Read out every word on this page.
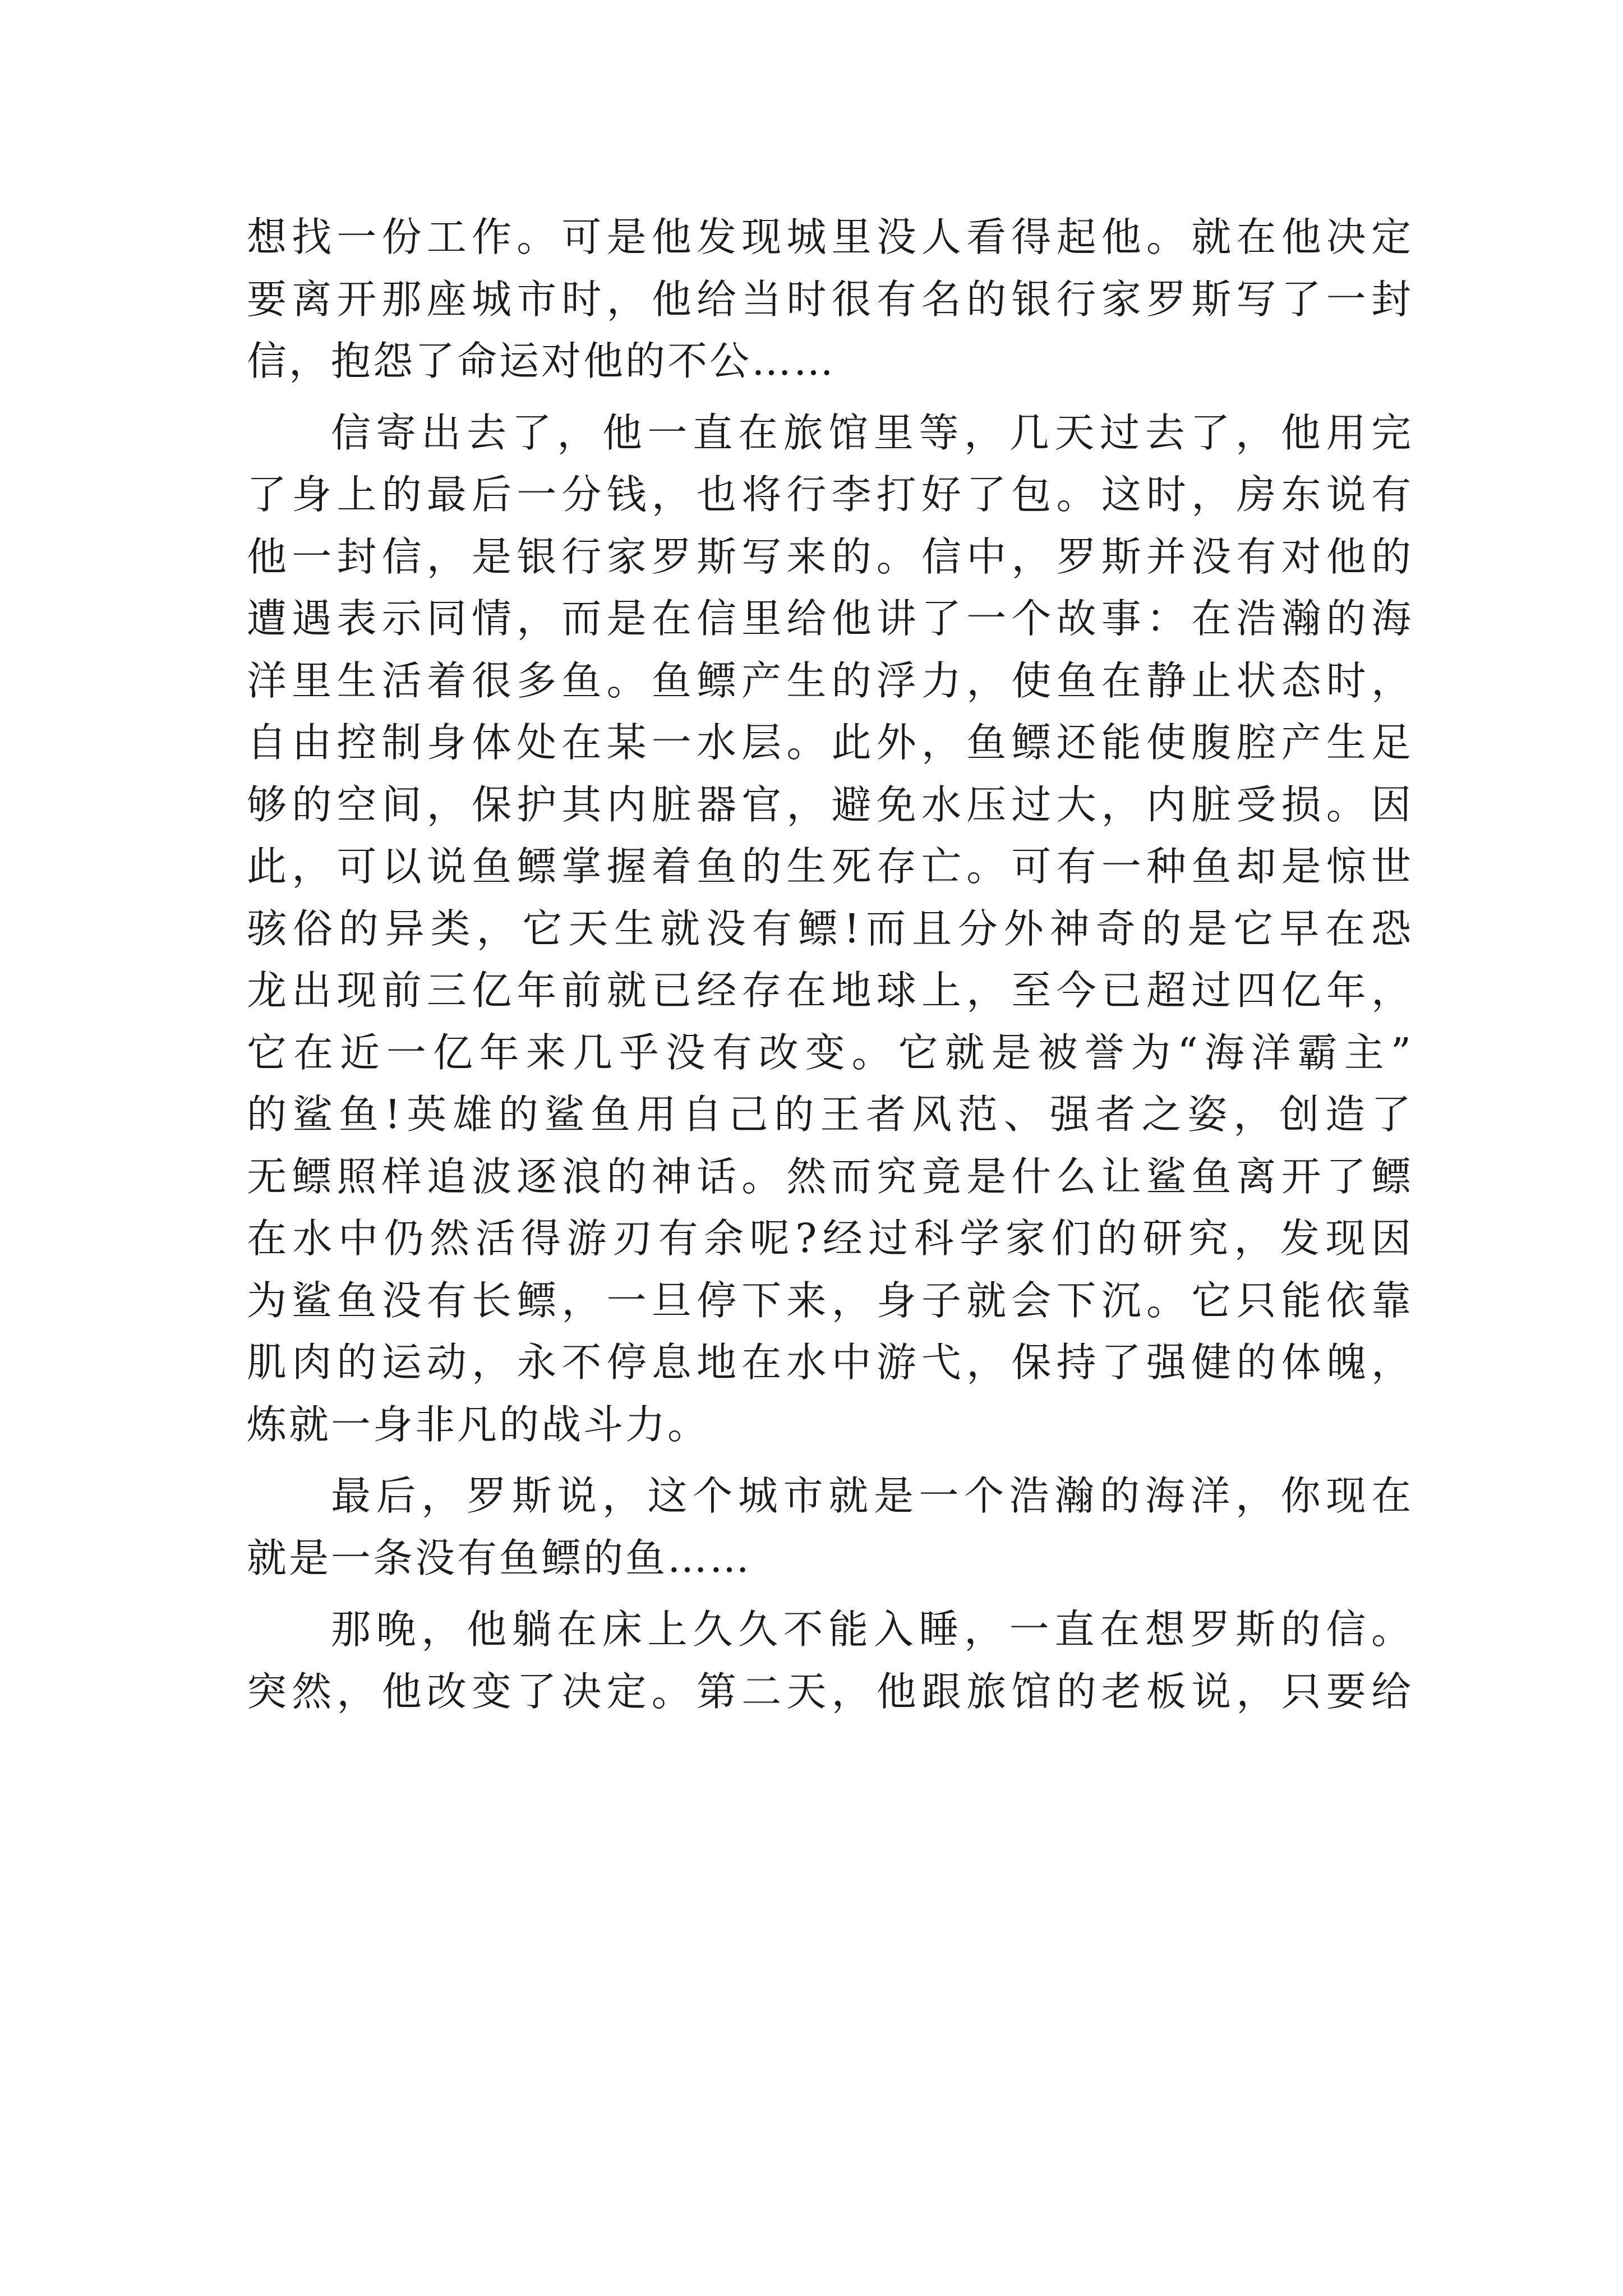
想找一份工作。可是他发现城里没人看得起他。就在他决定
要离开那座城市时，他给当时很有名的银行家罗斯写了一封
信，抱怨了命运对他的不公……
信寄出去了，他一直在旅馆里等，几天过去了，他用完
了身上的最后一分钱，也将行李打好了包。这时，房东说有
他一封信，是银行家罗斯写来的。信中，罗斯并没有对他的
遭遇表示同情，而是在信里给他讲了一个故事：在浩瀚的海
洋里生活着很多鱼。鱼鳔产生的浮力，使鱼在静止状态时，
自由控制身体处在某一水层。此外，鱼鳔还能使腹腔产生足
够的空间，保护其内脏器官，避免水压过大，内脏受损。因
此，可以说鱼鳔掌握着鱼的生死存亡。可有一种鱼却是惊世
骇俗的异类，它天生就没有鳔!而且分外神奇的是它早在恐
龙出现前三亿年前就已经存在地球上，至今已超过四亿年，
它在近一亿年来几乎没有改变。它就是被誉为“海洋霸主”
的鲨鱼!英雄的鲨鱼用自己的王者风范、强者之姿，创造了
无鳔照样追波逐浪的神话。然而究竟是什么让鲨鱼离开了鳔
在水中仍然活得游刃有余呢?经过科学家们的研究，发现因
为鲨鱼没有长鳔，一旦停下来，身子就会下沉。它只能依靠
肌肉的运动，永不停息地在水中游弋，保持了强健的体魄，
炼就一身非凡的战斗力。
最后，罗斯说，这个城市就是一个浩瀚的海洋，你现在
就是一条没有鱼鳔的鱼……
那晚，他躺在床上久久不能入睡，一直在想罗斯的信。
突然，他改变了决定。第二天，他跟旅馆的老板说，只要给
